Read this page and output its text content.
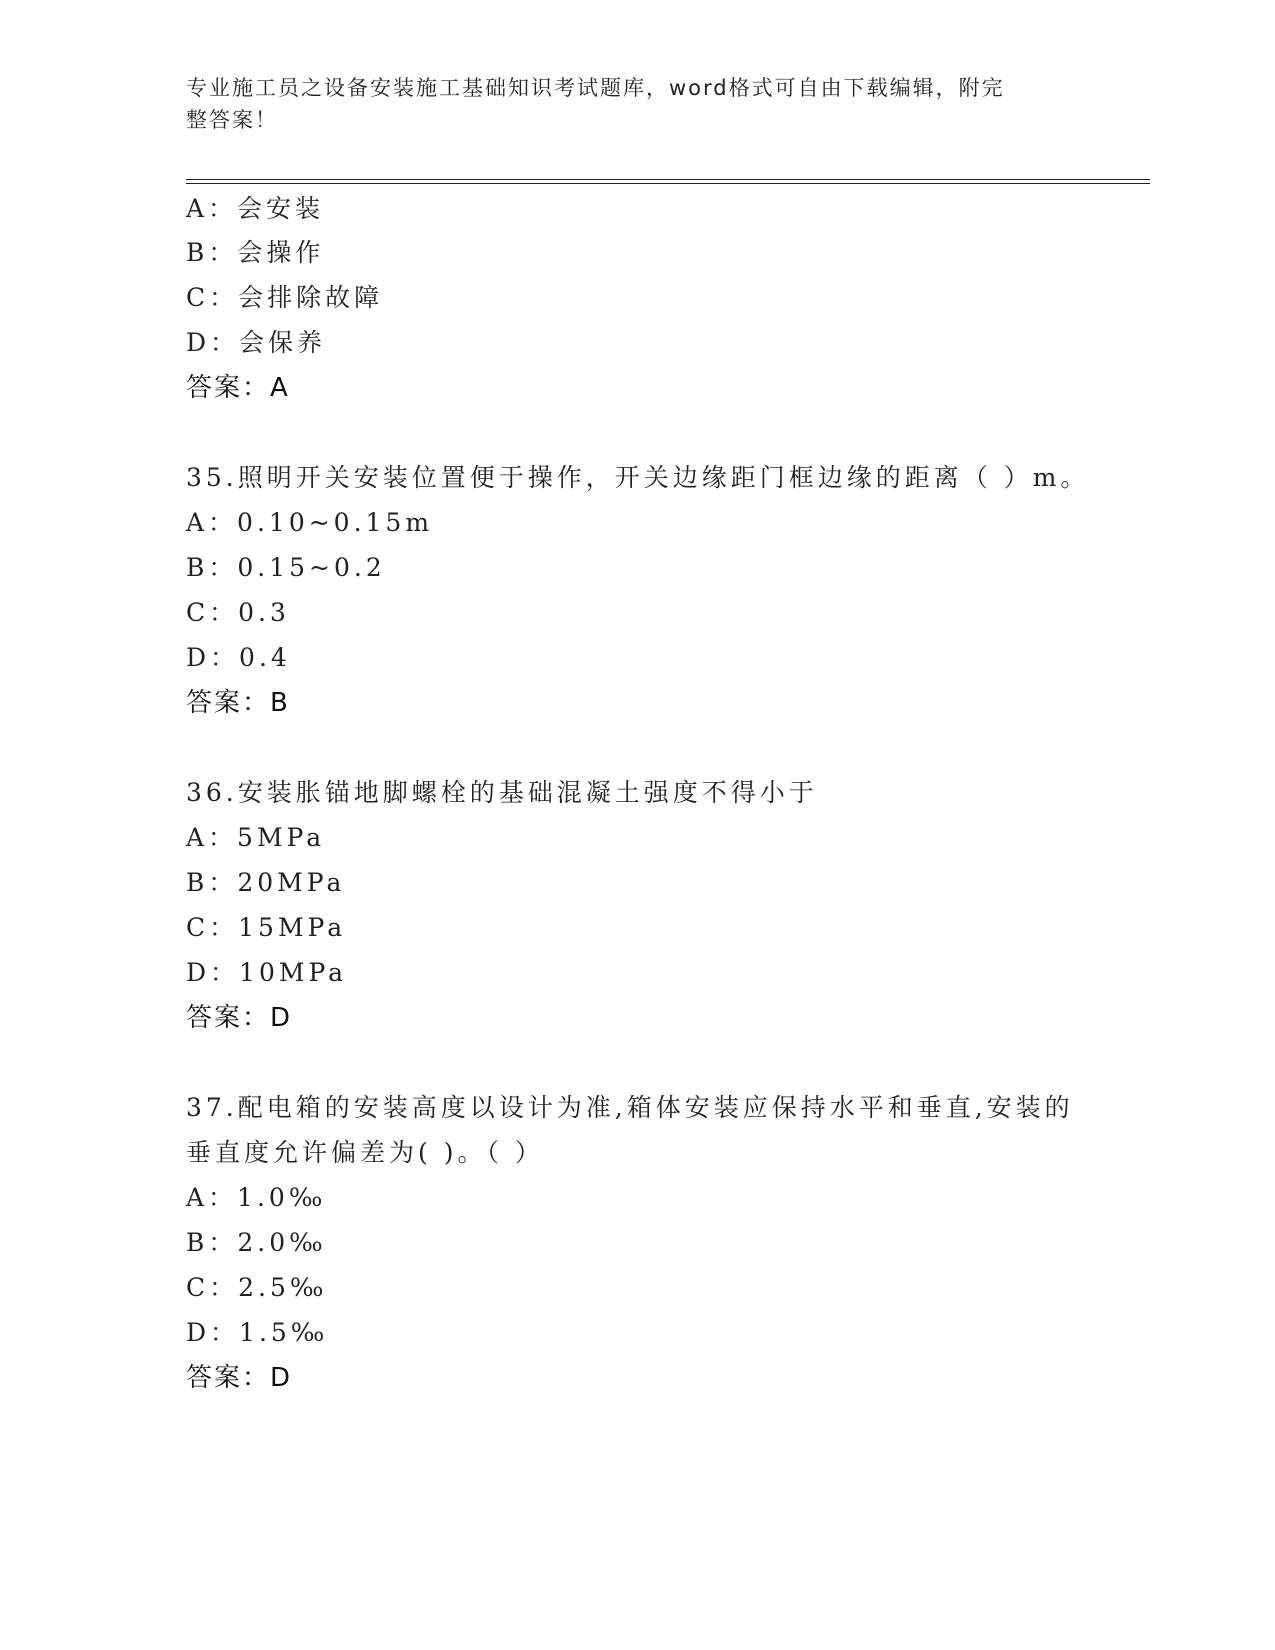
专业施工员之设备安装施工基础知识考试题库，word格式可自由下载编辑，附完
整答案！
A：会安装
B：会操作
C：会排除故障
D：会保养
答案：A
35.照明开关安装位置便于操作，开关边缘距门框边缘的距离（ ）m。
A：0.10~0.15m
B：0.15~0.2
C：0.3
D：0.4
答案：B
36.安装胀锚地脚螺栓的基础混凝土强度不得小于
A：5MPa
B：20MPa
C：15MPa
D：10MPa
答案：D
37.配电箱的安装高度以设计为准,箱体安装应保持水平和垂直,安装的
垂直度允许偏差为( )。（ ）
A：1.0‰
B：2.0‰
C：2.5‰
D：1.5‰
答案：D
